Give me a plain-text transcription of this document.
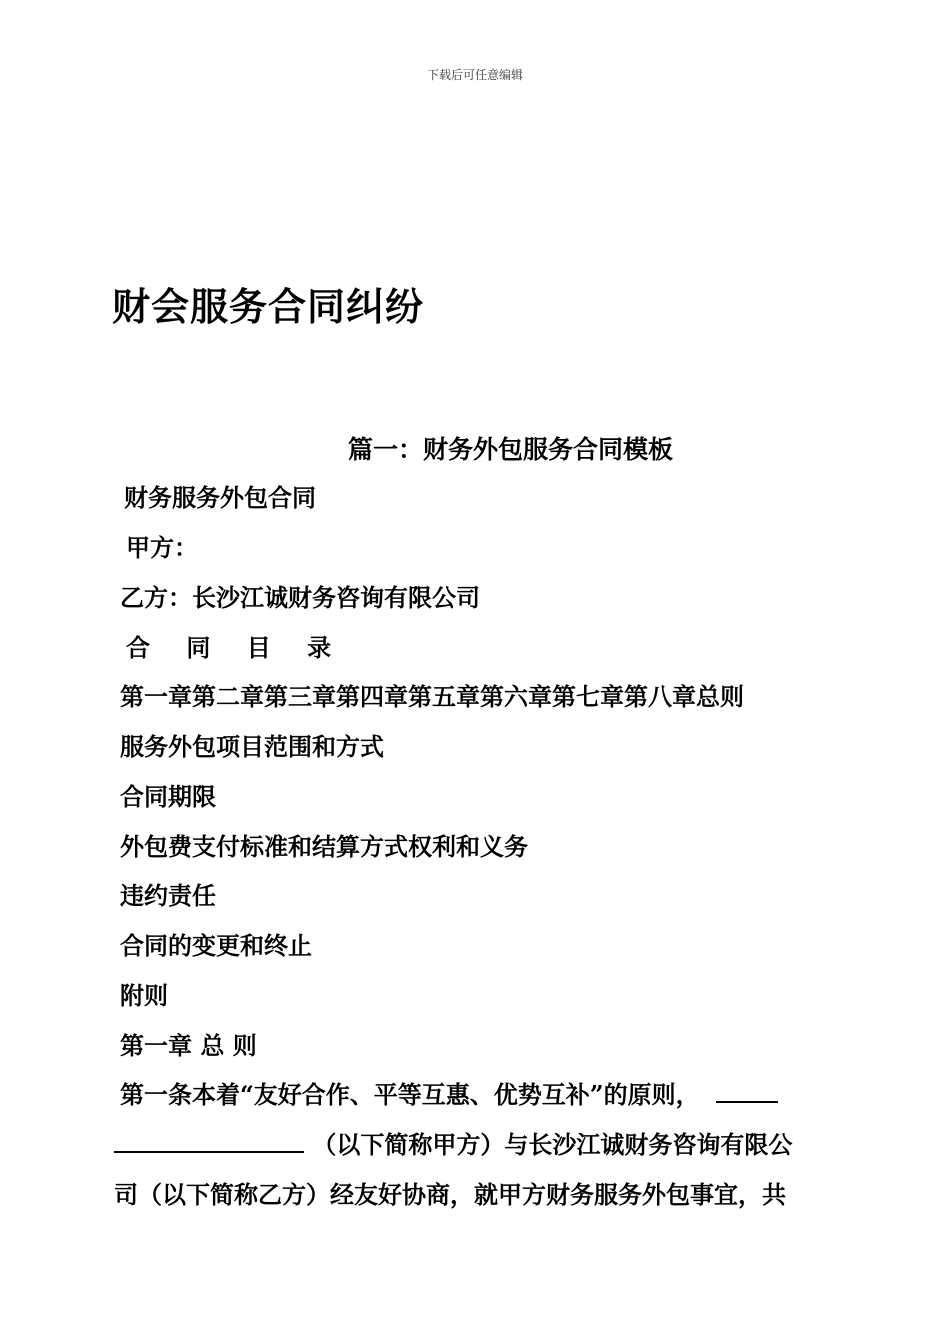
下载后可任意编辑
财会服务合同纠纷
篇一：财务外包服务合同模板
财务服务外包合同
甲方：
乙方：长沙江诚财务咨询有限公司
合 同 目 录
第一章第二章第三章第四章第五章第六章第七章第八章总则
服务外包项目范围和方式
合同期限
外包费支付标准和结算方式权利和义务
违约责任
合同的变更和终止
附则
第一章 总 则
第一条本着“友好合作、平等互惠、优势互补”的原则，
（以下简称甲方）与长沙江诚财务咨询有限公
司（以下简称乙方）经友好协商，就甲方财务服务外包事宜，共
